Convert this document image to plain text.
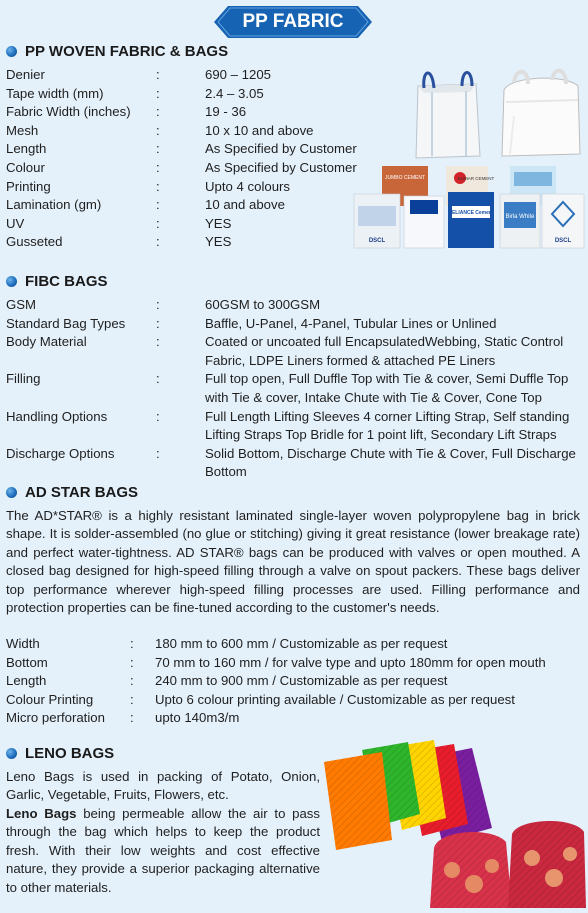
PP FABRIC
PP WOVEN FABRIC & BAGS
Denier	:	690 – 1205
Tape width (mm)	:	2.4 – 3.05
Fabric Width (inches) :	19 - 36
Mesh	:	10 x 10 and above
Length	:	As Specified by Customer
Colour	:	As Specified by Customer
Printing	:	Upto 4 colours
Lamination (gm)	:	10 and above
UV	:	YES
Gusseted	:	YES
JUMBO CEMENT	KUMAR CEMENT
DSCL
RELIANCE Cement
Birla White
DSCL
FIBC BAGS
GSM	:	60GSM to 300GSM
Standard Bag Types :	Baffle, U-Panel, 4-Panel, Tubular Lines or Unlined
Body Material	:	Coated or uncoated full EncapsulatedWebbing, Static Control Fabric, LDPE Liners formed & attached PE Liners
Filling	:	Full top open, Full Duffle Top with Tie & cover, Semi Duffle Top with Tie & cover, Intake Chute with Tie & Cover, Cone Top
Handling Options	:	Full Length Lifting Sleeves 4 corner Lifting Strap, Self standing Lifting Straps Top Bridle for 1 point lift, Secondary Lift Straps
Discharge Options	:	Solid Bottom, Discharge Chute with Tie & Cover, Full Discharge Bottom
AD STAR BAGS
The AD*STAR® is a highly resistant laminated single-layer woven polypropylene bag in brick shape. It is solder-assembled (no glue or stitching) giving it great resistance (lower breakage rate) and perfect water-tightness. AD STAR® bags can be produced with valves or open mouthed. A closed bag designed for high-speed filling through a valve on spout packers. These bags deliver top performance wherever high-speed filling processes are used. Filling performance and protection properties can be fine-tuned according to the customer's needs.
Width	: 180 mm to 600 mm / Customizable as per request
Bottom	: 70 mm to 160 mm / for valve type and upto 180mm for open mouth
Length	: 240 mm to 900 mm / Customizable as per request
Colour Printing	: Upto 6 colour printing available / Customizable as per request
Micro perforation : upto 140m3/m
LENO BAGS
Leno Bags is used in packing of Potato, Onion, Garlic, Vegetable, Fruits, Flowers, etc.
Leno Bags being permeable allow the air to pass through the bag which helps to keep the product fresh. With their low weights and cost effective nature, they provide a superior packaging alternative to other materials.
